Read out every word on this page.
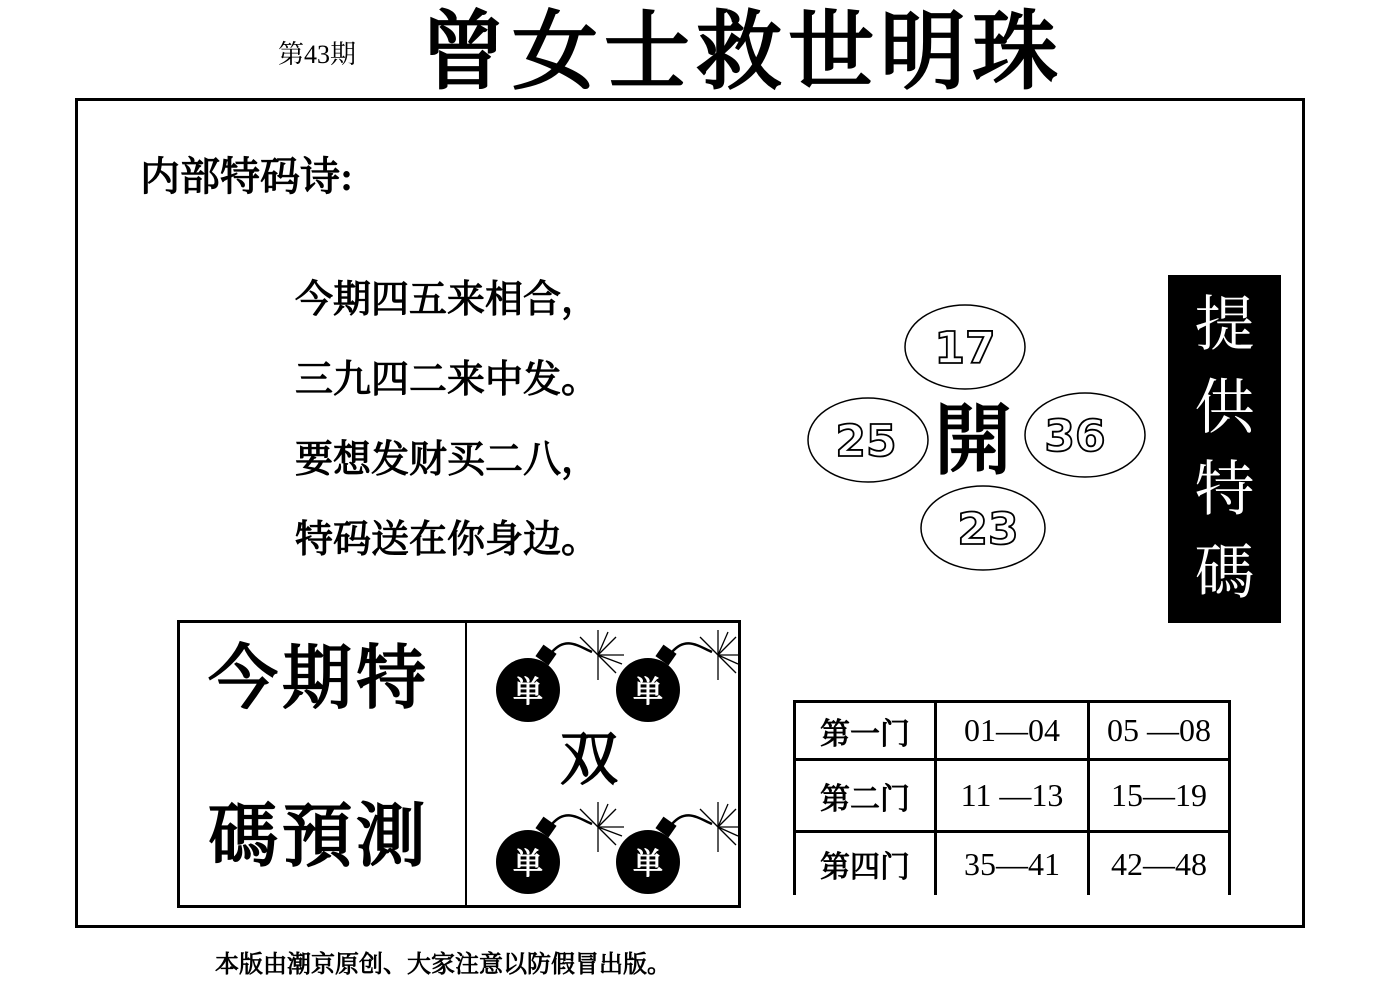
第43期 曾女士救世明珠
内部特码诗:
今期四五来相合，
三九四二来中发。
要想发财买二八，
特码送在你身边。
17
25	36
23
開
提
供
特
碼
今期特
碼預測
単	単
単	単
双	第一门	01—04	05 —08
第二门	11 —13	15—19
第四门	35—41	42—48
本版由潮京原创、大家注意以防假冒出版。
